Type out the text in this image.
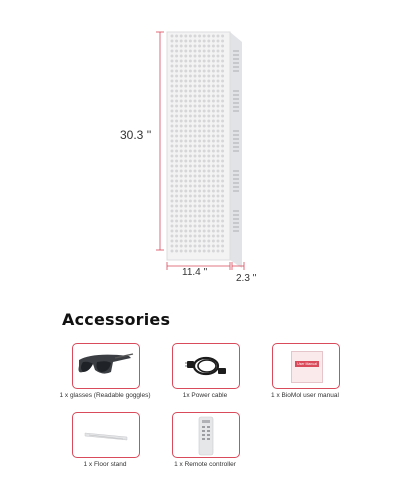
30.3 ''
11.4 ''
2.3 ''
Accessories
1 x glasses (Readable goggles)	1x Power cable
User Manual
1 x BioMol user manual
1 x Floor stand	1 x Remote controller
